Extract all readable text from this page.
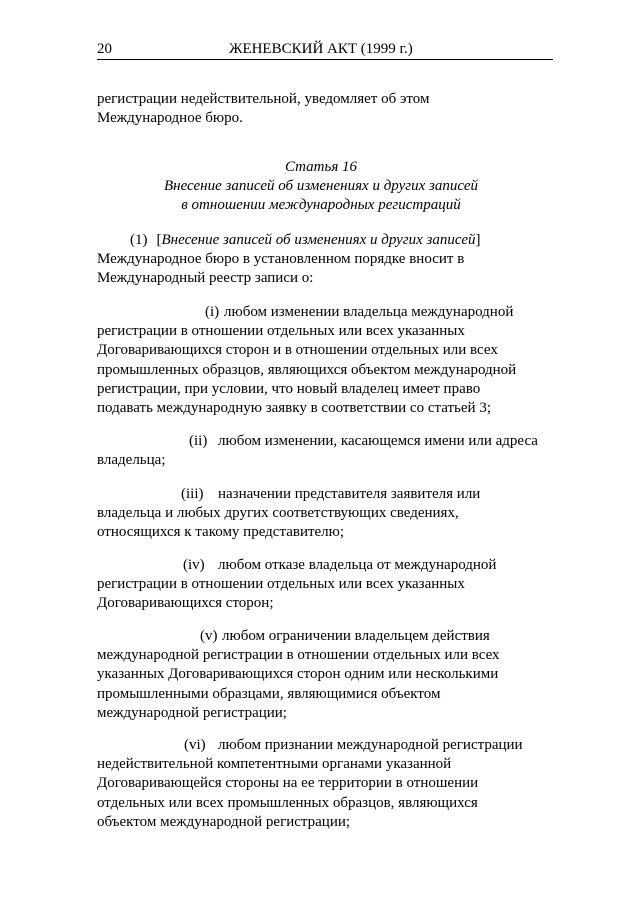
20	ЖЕНЕВСКИЙ АКТ (1999 г.)
регистрации недействительной, уведомляет об этом
Международное бюро.
Статья 16
Внесение записей об изменениях и других записей
в отношении международных регистраций
(1) [Внесение записей об изменениях и других записей]
Международное бюро в установленном порядке вносит в
Международный реестр записи о:
(i) любом изменении владельца международной
регистрации в отношении отдельных или всех указанных
Договаривающихся сторон и в отношении отдельных или всех
промышленных образцов, являющихся объектом международной
регистрации, при условии, что новый владелец имеет право
подавать международную заявку в соответствии со статьей 3;
(ii) любом изменении, касающемся имени или адреса
владельца;
(iii) назначении представителя заявителя или
владельца и любых других соответствующих сведениях,
относящихся к такому представителю;
(iv) любом отказе владельца от международной
регистрации в отношении отдельных или всех указанных
Договаривающихся сторон;
(v) любом ограничении владельцем действия
международной регистрации в отношении отдельных или всех
указанных Договаривающихся сторон одним или несколькими
промышленными образцами, являющимися объектом
международной регистрации;
(vi) любом признании международной регистрации
недействительной компетентными органами указанной
Договаривающейся стороны на ее территории в отношении
отдельных или всех промышленных образцов, являющихся
объектом международной регистрации;
